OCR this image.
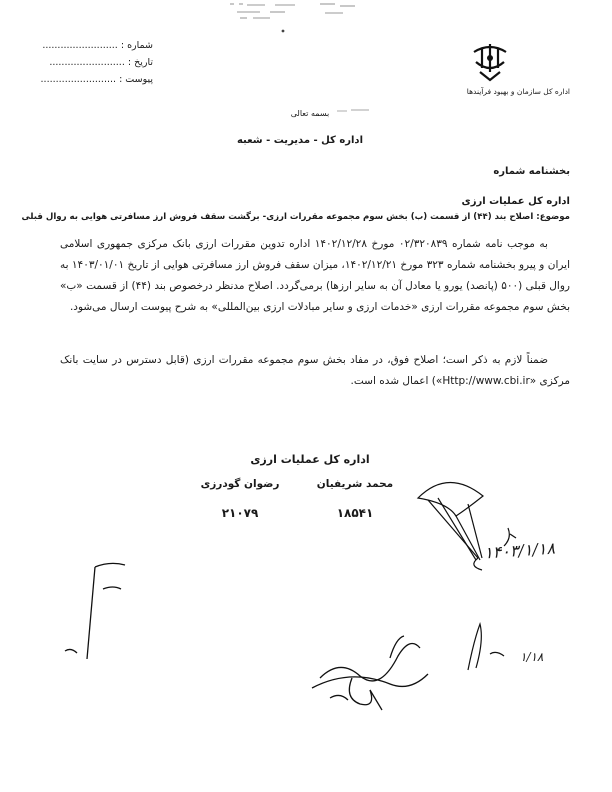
شماره : .........................
تاریخ : .........................
پیوست : .........................
اداره کل سازمان و بهبود فرآیندها
بسمه تعالی
اداره کل - مدیریت - شعبه
بخشنامه شماره
اداره کل عملیات ارزی
موضوع: اصلاح بند (۴۴) از قسمت (ب) بخش سوم مجموعه مقررات ارزی- برگشت سقف فروش ارز مسافرتی هوایی به روال قبلی
به موجب نامه شماره ۰۲/۳۲۰۸۳۹ مورخ ۱۴۰۲/۱۲/۲۸ اداره تدوین مقررات ارزی بانک مرکزی جمهوری اسلامی ایران و پیرو بخشنامه شماره ۳۲۳ مورخ ۱۴۰۲/۱۲/۲۱، میزان سقف فروش ارز مسافرتی هوایی از تاریخ ۱۴۰۳/۰۱/۰۱ به روال قبلی (۵۰۰ (پانصد) یورو یا معادل آن به سایر ارزها) برمی‌گردد. اصلاح مدنظر درخصوص بند (۴۴) از قسمت «ب» بخش سوم مجموعه مقررات ارزی «خدمات ارزی و سایر مبادلات ارزی بین‌المللی» به شرح پیوست ارسال می‌شود.
ضمناً لازم به ذکر است؛ اصلاح فوق، در مفاد بخش سوم مجموعه مقررات ارزی (قابل دسترس در سایت بانک مرکزی «Http://www.cbi.ir») اعمال شده است.
اداره کل عملیات ارزی
محمد شریفیان
رضوان گودرزی
۱۸۵۴۱
۲۱۰۷۹
۱۴۰۳/۱/۱۸
۱/۱۸
